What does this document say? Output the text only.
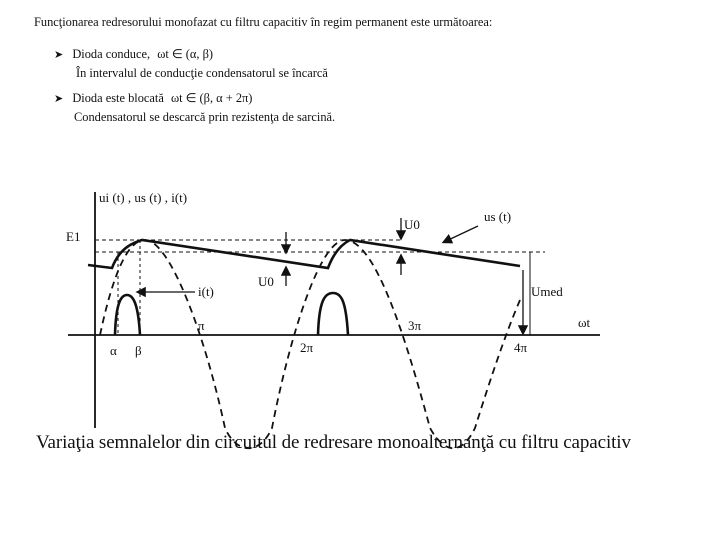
Funcţionarea redresorului monofazat cu filtru capacitiv în regim permanent este următoarea:
➤ Dioda conduce, ωt ∈ (α, β)
În intervalul de conducţie condensatorul se încarcă
➤ Dioda este blocată ωt ∈ (β, α + 2π)
Condensatorul se descarcă prin rezistenţa de sarcină.
ui (t) , us (t) , i(t)
E1
U0
U0
us (t)
Umed
i(t)
ωt
α β
π
2π
3π
4π
Variaţia semnalelor din circuitul de redresare monoalternanţă cu filtru capacitiv
